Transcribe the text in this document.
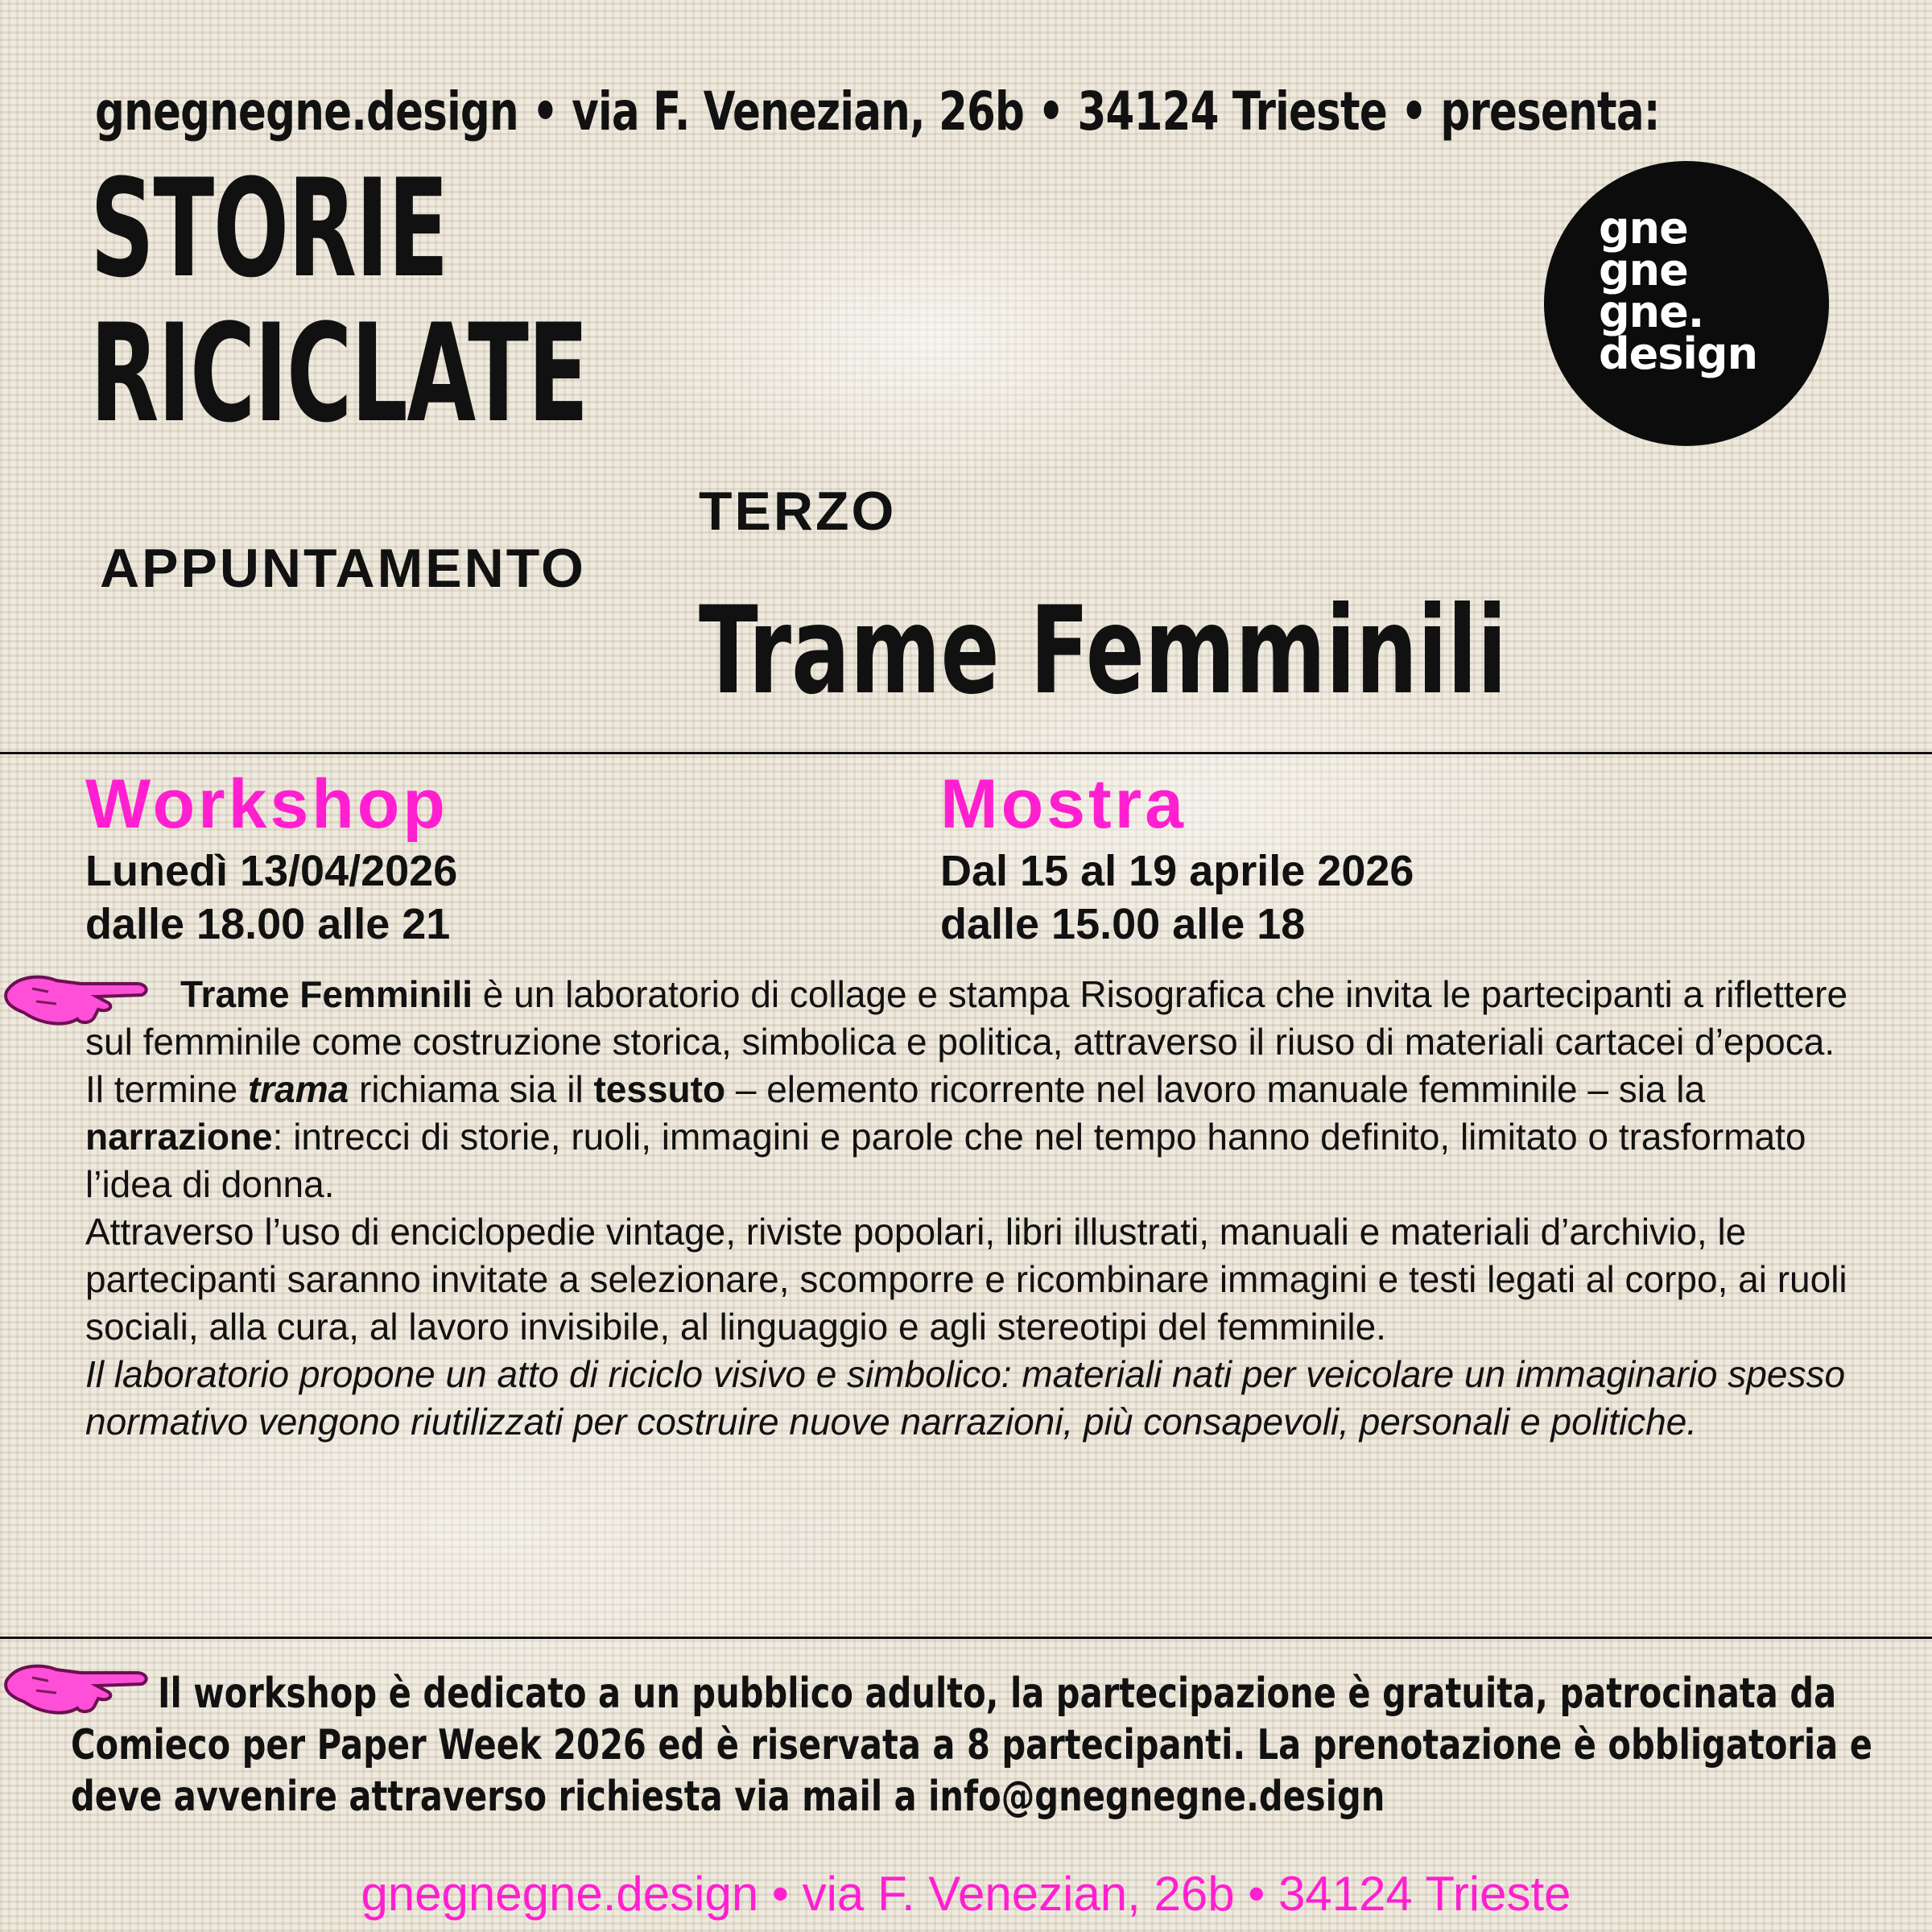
gnegnegne.design • via F. Venezian, 26b • 34124 Trieste • presenta:
STORIE
RICICLATE
TERZO
APPUNTAMENTO
Trame Femminili
gne
gne
gne.
design
Workshop
Lunedì 13/04/2026
dalle 18.00 alle 21
Mostra
Dal 15 al 19 aprile 2026
dalle 15.00 alle 18

Trame Femminili è un laboratorio di collage e stampa Risografica che invita le partecipanti a riflettere sul femminile come costruzione storica, simbolica e politica, attraverso il riuso di materiali cartacei d’epoca.

Il termine trama richiama sia il tessuto – elemento ricorrente nel lavoro manuale femminile – sia la narrazione: intrecci di storie, ruoli, immagini e parole che nel tempo hanno definito, limitato o trasformato l’idea di donna.

Attraverso l’uso di enciclopedie vintage, riviste popolari, libri illustrati, manuali e materiali d’archivio, le partecipanti saranno invitate a selezionare, scomporre e ricombinare immagini e testi legati al corpo, ai ruoli sociali, alla cura, al lavoro invisibile, al linguaggio e agli stereotipi del femminile.

Il laboratorio propone un atto di riciclo visivo e simbolico: materiali nati per veicolare un immaginario spesso normativo vengono riutilizzati per costruire nuove narrazioni, più consapevoli, personali e politiche.

Il workshop è dedicato a un pubblico adulto, la partecipazione è gratuita, patrocinata da Comieco per Paper Week 2026 ed è riservata a 8 partecipanti. La prenotazione è obbligatoria e deve avvenire attraverso richiesta via mail a info@gnegnegne.design
gnegnegne.design • via F. Venezian, 26b • 34124 Trieste
